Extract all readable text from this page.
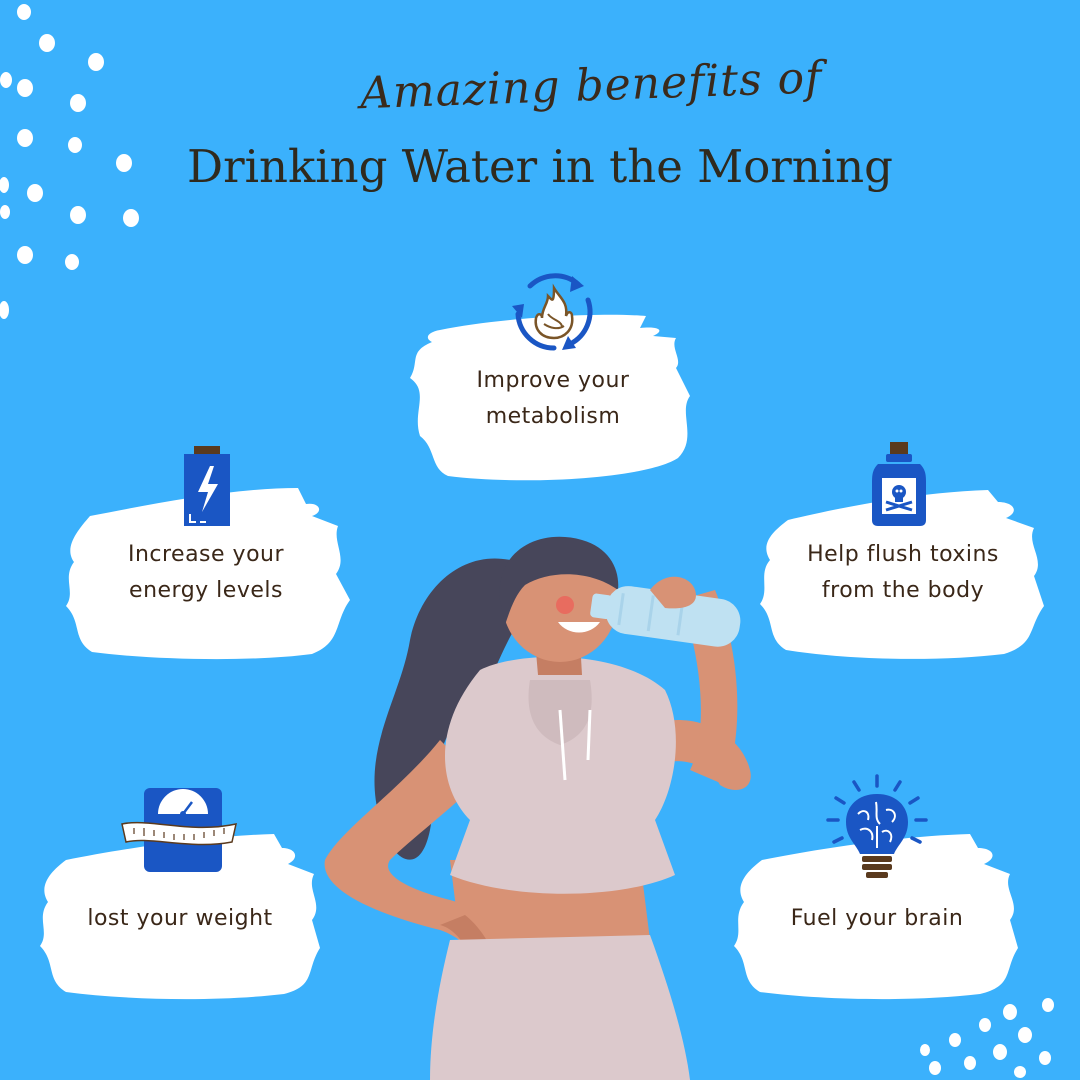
Amazing benefits of
Drinking Water in the Morning
Improve your
metabolism
Increase your
energy levels
Help flush toxins
from the body
lost your weight	Fuel your brain
